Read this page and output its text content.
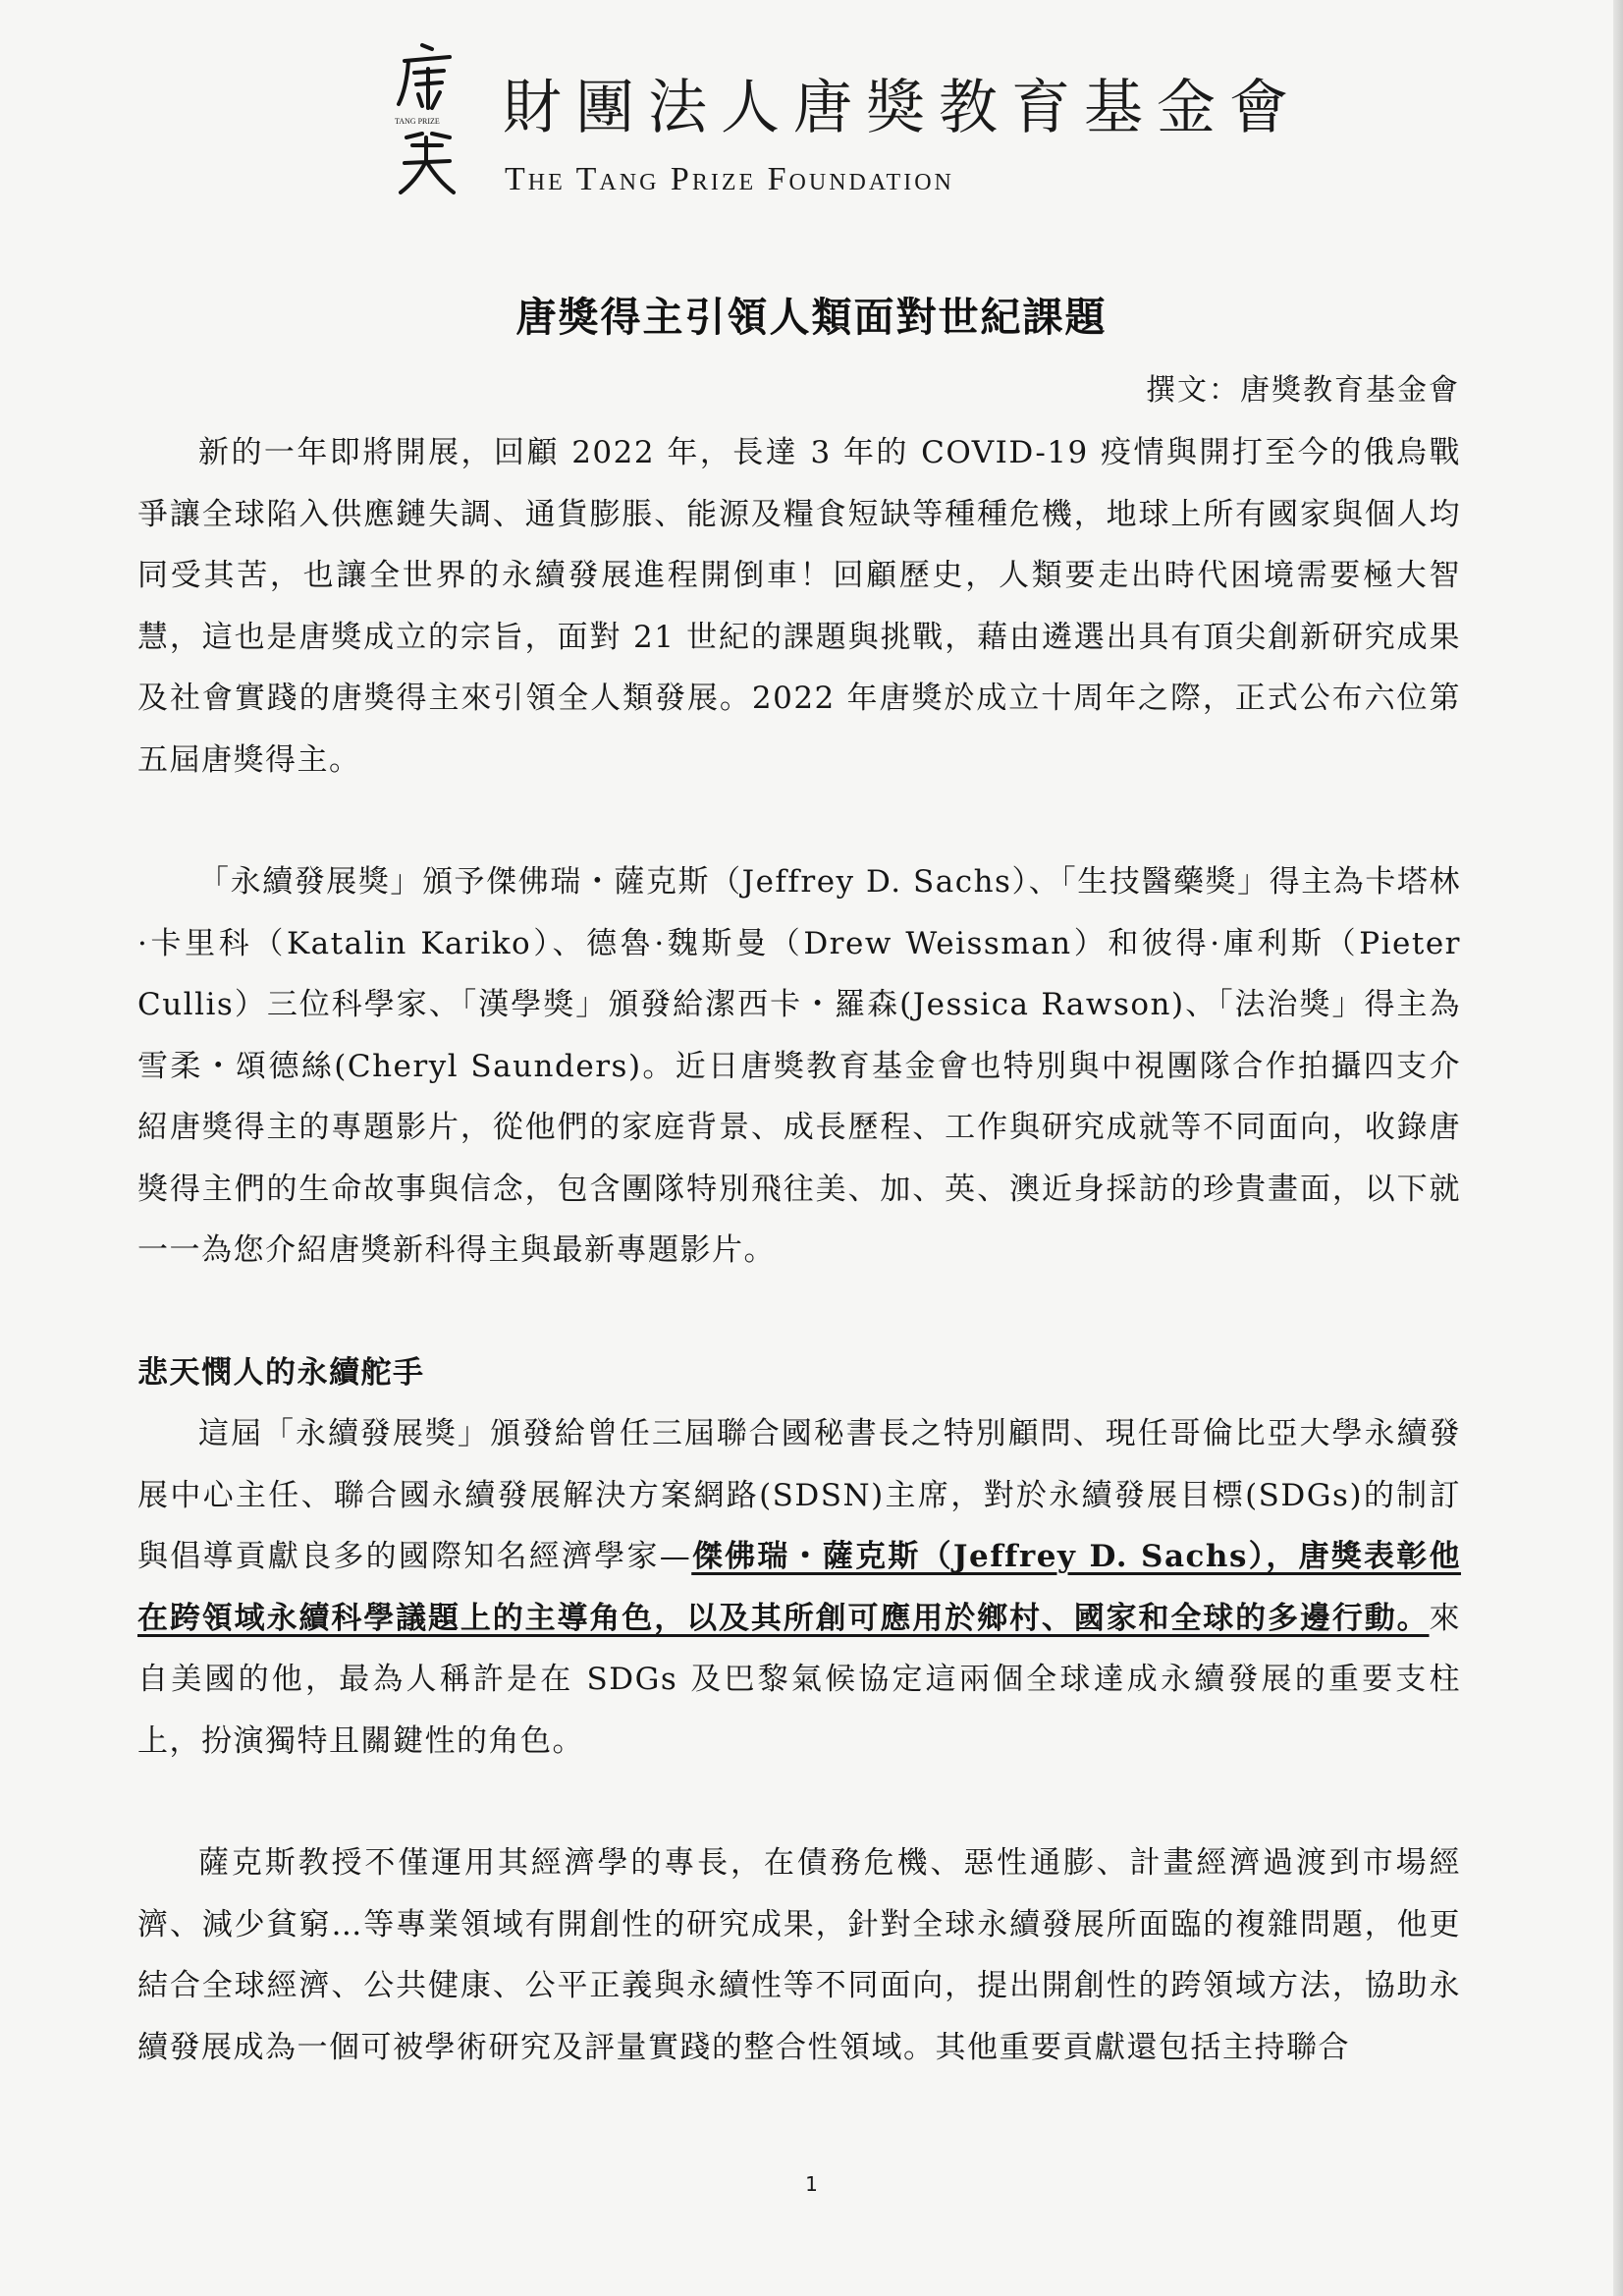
TANG PRIZE 財團法人唐獎教育基金會
The Tang Prize Foundation
唐獎得主引領人類面對世紀課題
撰文：唐獎教育基金會

新的一年即將開展，回顧 2022 年，長達 3 年的 COVID-19 疫情與開打至今的俄烏戰爭讓全球陷入供應鏈失調、通貨膨脹、能源及糧食短缺等種種危機，地球上所有國家與個人均同受其苦，也讓全世界的永續發展進程開倒車！回顧歷史，人類要走出時代困境需要極大智慧，這也是唐獎成立的宗旨，面對 21 世紀的課題與挑戰，藉由遴選出具有頂尖創新研究成果及社會實踐的唐獎得主來引領全人類發展。2022 年唐獎於成立十周年之際，正式公布六位第五屆唐獎得主。

「永續發展獎」頒予傑佛瑞・薩克斯（Jeffrey D. Sachs）、「生技醫藥獎」得主為卡塔林·卡里科（Katalin Kariko）、德魯·魏斯曼（Drew Weissman）和彼得·庫利斯（Pieter Cullis）三位科學家、「漢學獎」頒發給潔西卡・羅森(Jessica Rawson)、「法治獎」得主為雪柔・頌德絲(Cheryl Saunders)。近日唐獎教育基金會也特別與中視團隊合作拍攝四支介紹唐獎得主的專題影片，從他們的家庭背景、成長歷程、工作與研究成就等不同面向，收錄唐獎得主們的生命故事與信念，包含團隊特別飛往美、加、英、澳近身採訪的珍貴畫面，以下就一一為您介紹唐獎新科得主與最新專題影片。

悲天憫人的永續舵手

這屆「永續發展獎」頒發給曾任三屆聯合國秘書長之特別顧問、現任哥倫比亞大學永續發展中心主任、聯合國永續發展解決方案網路(SDSN)主席，對於永續發展目標(SDGs)的制訂與倡導貢獻良多的國際知名經濟學家—傑佛瑞・薩克斯（Jeffrey D. Sachs），唐獎表彰他在跨領域永續科學議題上的主導角色，以及其所創可應用於鄉村、國家和全球的多邊行動。來自美國的他，最為人稱許是在 SDGs 及巴黎氣候協定這兩個全球達成永續發展的重要支柱上，扮演獨特且關鍵性的角色。

薩克斯教授不僅運用其經濟學的專長，在債務危機、惡性通膨、計畫經濟過渡到市場經濟、減少貧窮…等專業領域有開創性的研究成果，針對全球永續發展所面臨的複雜問題，他更結合全球經濟、公共健康、公平正義與永續性等不同面向，提出開創性的跨領域方法，協助永續發展成為一個可被學術研究及評量實踐的整合性領域。其他重要貢獻還包括主持聯合

1
